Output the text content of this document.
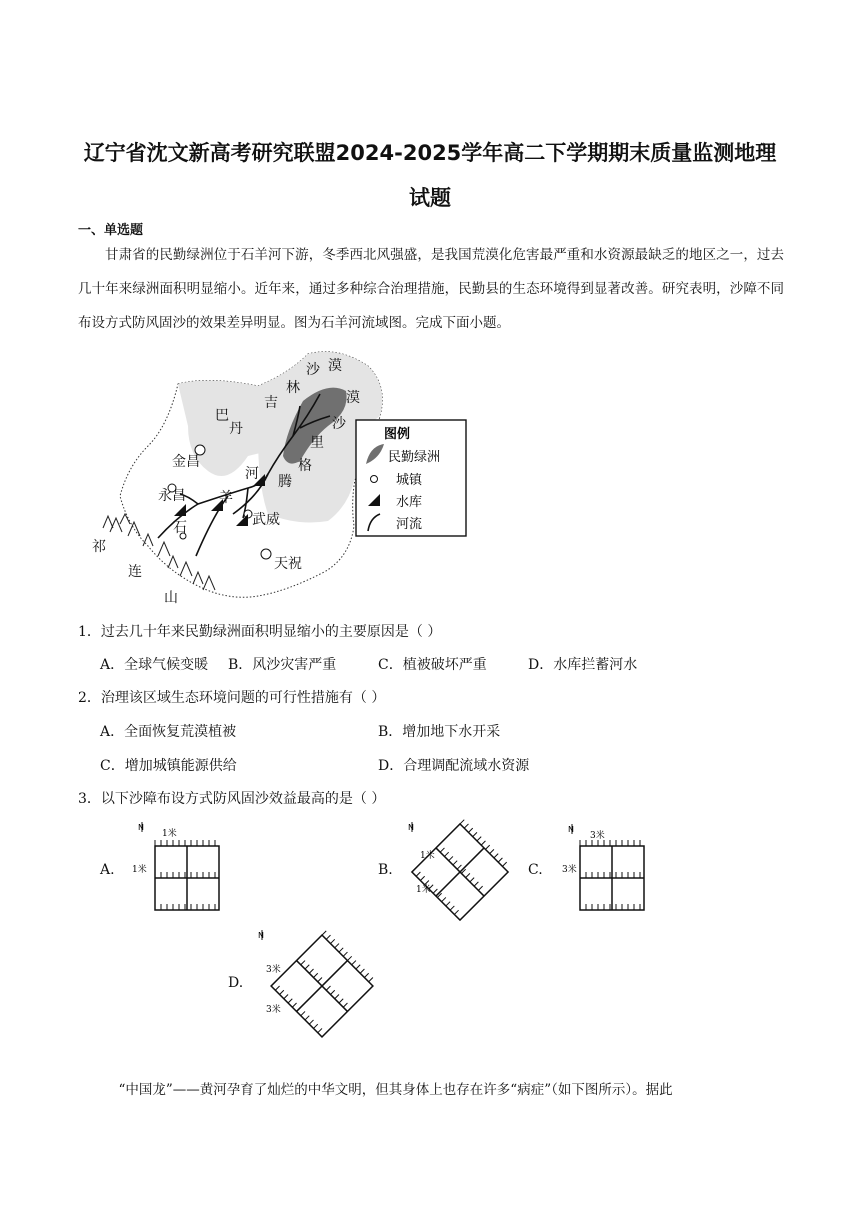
辽宁省沈文新高考研究联盟2024-2025学年高二下学期期末质量监测地理
试题
一、单选题
甘肃省的民勤绿洲位于石羊河下游，冬季西北风强盛，是我国荒漠化危害最严重和水资源最缺乏的地区之一，过去几十年来绿洲面积明显缩小。近年来，通过多种综合治理措施，民勤县的生态环境得到显著改善。研究表明，沙障不同布设方式防风固沙的效果差异明显。图为石羊河流域图。完成下面小题。
巴
丹
吉
林
沙 漠
漠
沙
里
格
腾
河
羊
石
金昌
永昌
武威
天祝
祁
连
山
图例
民勤绿洲
城镇
水库
河流
1．过去几十年来民勤绿洲面积明显缩小的主要原因是（ ）
A．全球气候变暖 B．风沙灾害严重	C．植被破坏严重	D．水库拦蓄河水
2．治理该区域生态环境问题的可行性措施有（ ）
A．全面恢复荒漠植被	B．增加地下水开采
C．增加城镇能源供给	D．合理调配流域水资源
3．以下沙障布设方式防风固沙效益最高的是（ ）
A.
N
1米
1米	B.
N
1米
1米
C.
N
3米
3米
D.
N
3米
3米
“中国龙”——黄河孕育了灿烂的中华文明，但其身体上也存在许多“病症”（如下图所示）。据此
